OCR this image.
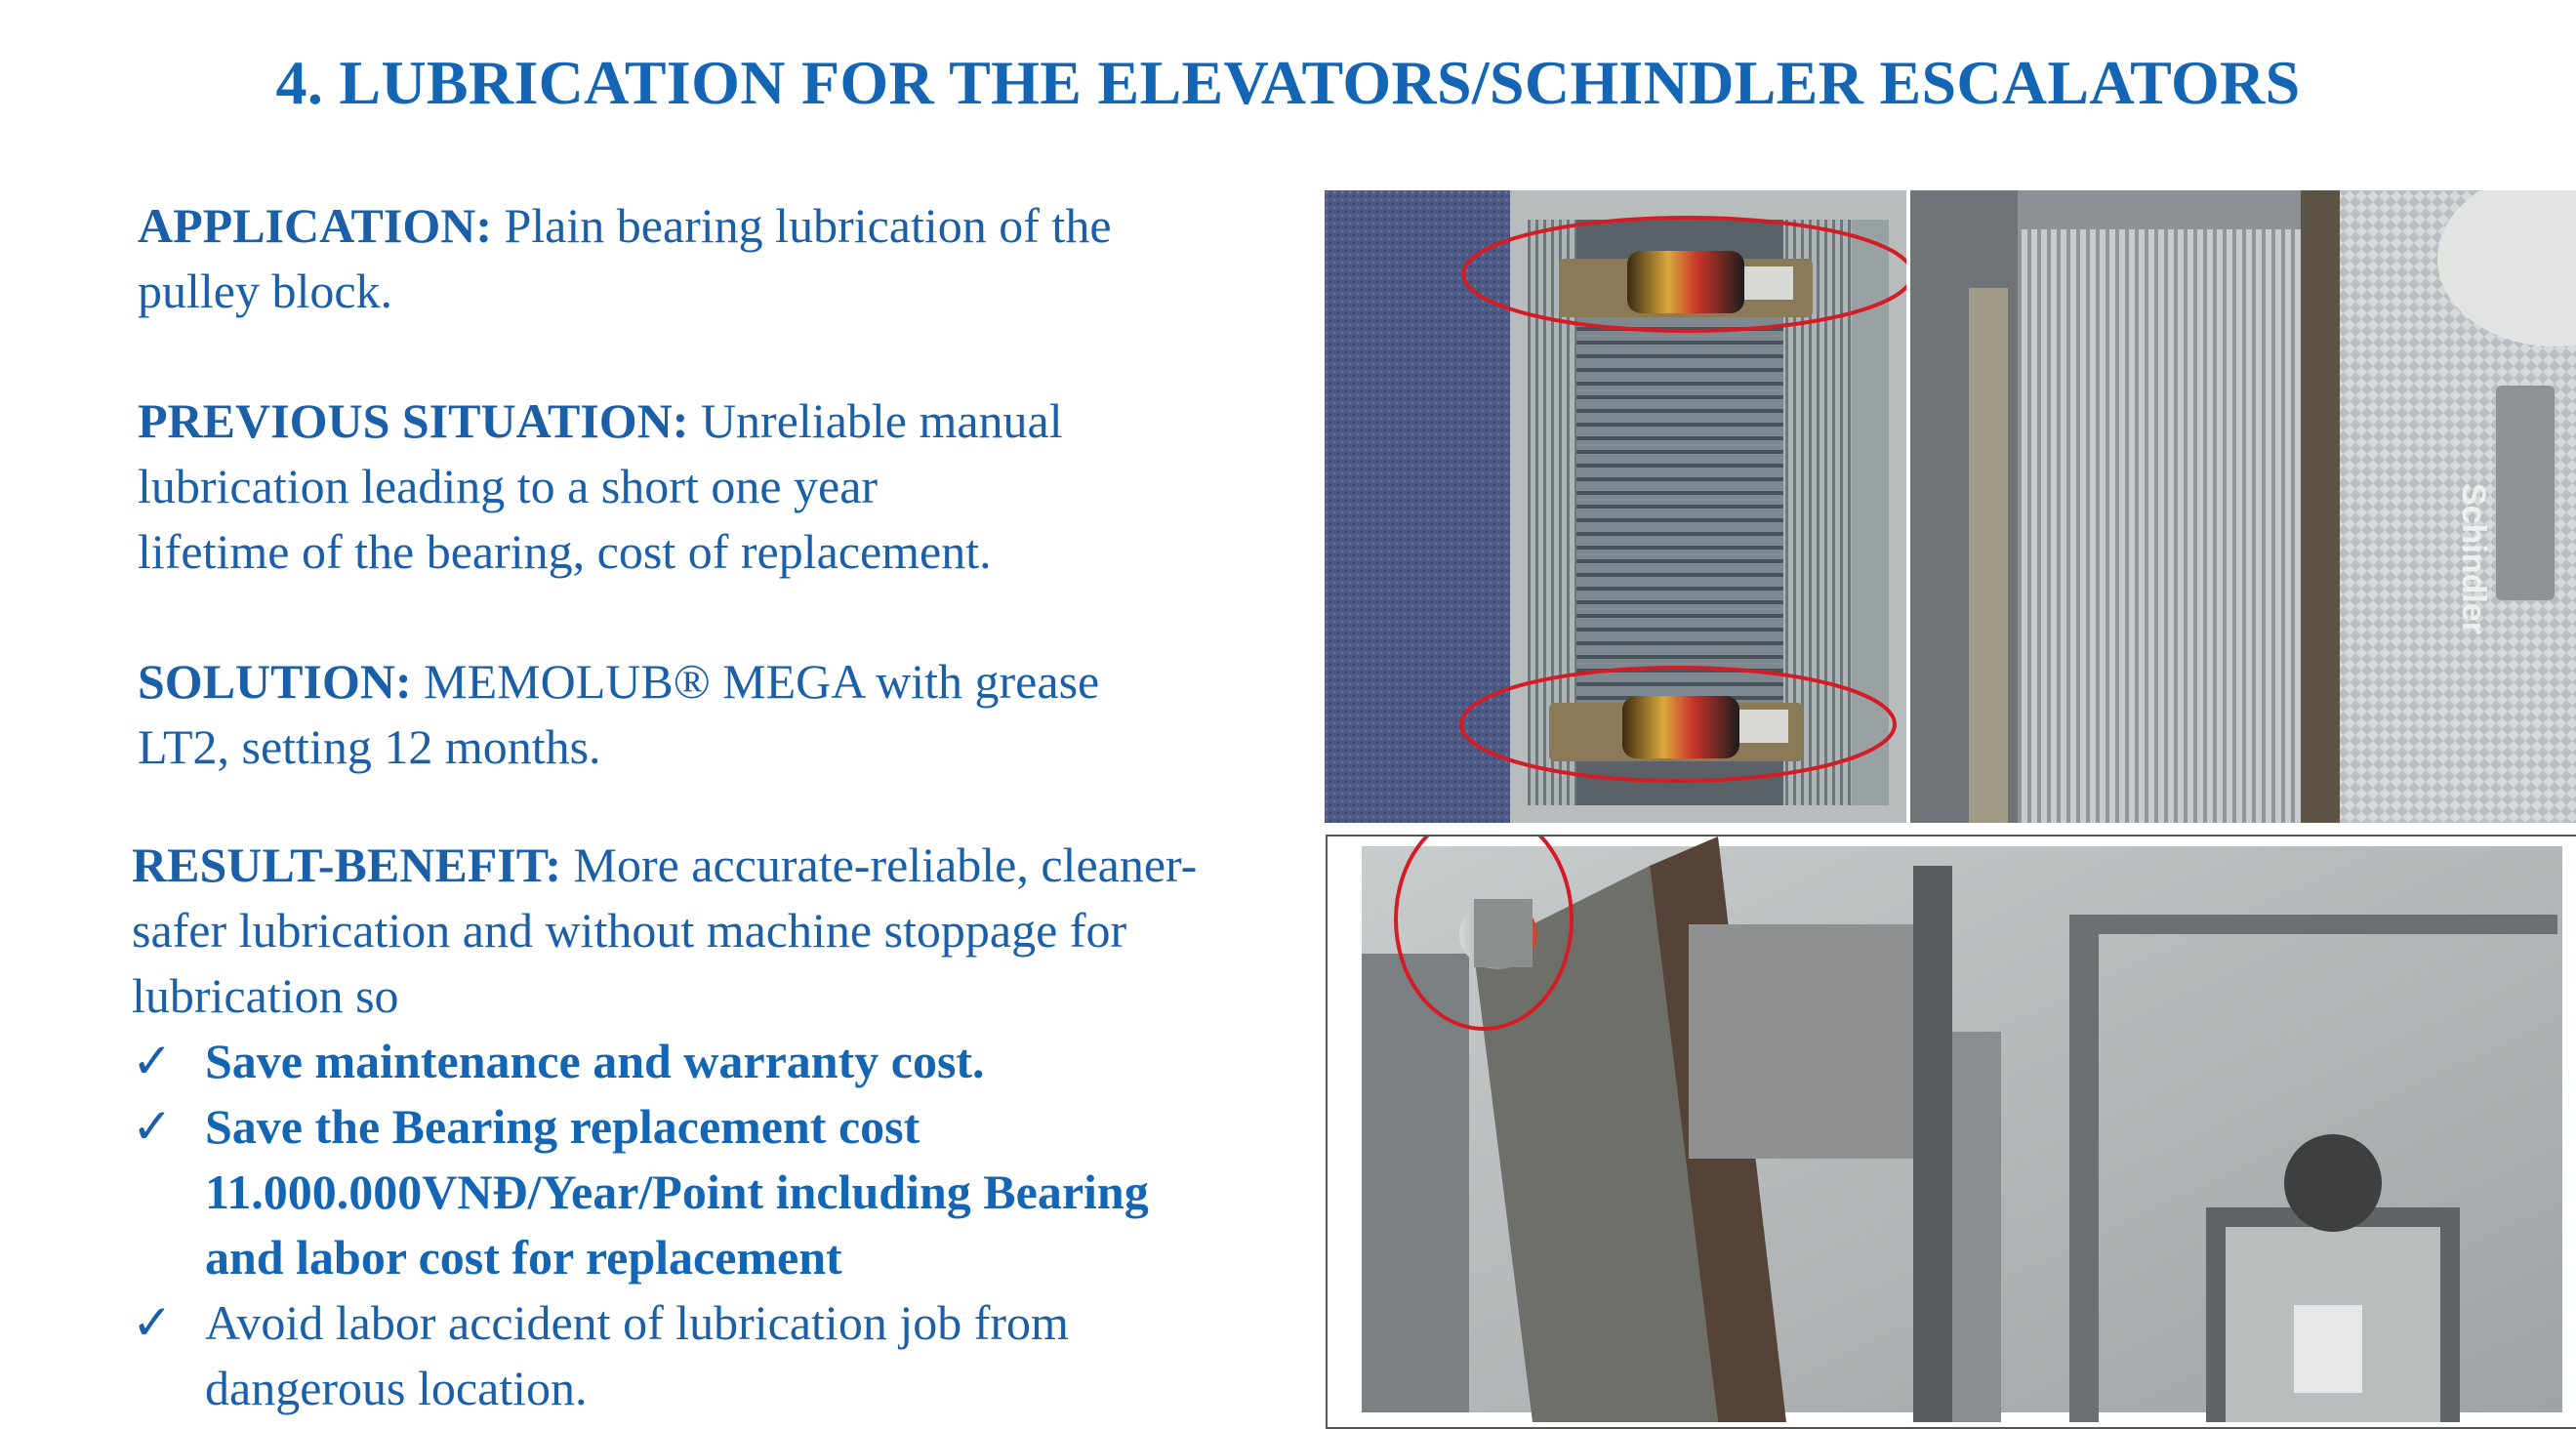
4. LUBRICATION FOR THE ELEVATORS/SCHINDLER ESCALATORS
APPLICATION: Plain bearing lubrication of the
pulley block.
PREVIOUS SITUATION: Unreliable manual
lubrication leading to a short one year
lifetime of the bearing, cost of replacement.
SOLUTION: MEMOLUB® MEGA with grease
LT2, setting 12 months.
RESULT-BENEFIT: More accurate-reliable, cleaner-
safer lubrication and without machine stoppage for
lubrication so
✓ Save maintenance and warranty cost.
✓ Save the Bearing replacement cost
11.000.000VNĐ/Year/Point including Bearing
and labor cost for replacement
✓ Avoid labor accident of lubrication job from
dangerous location.
Schindler
